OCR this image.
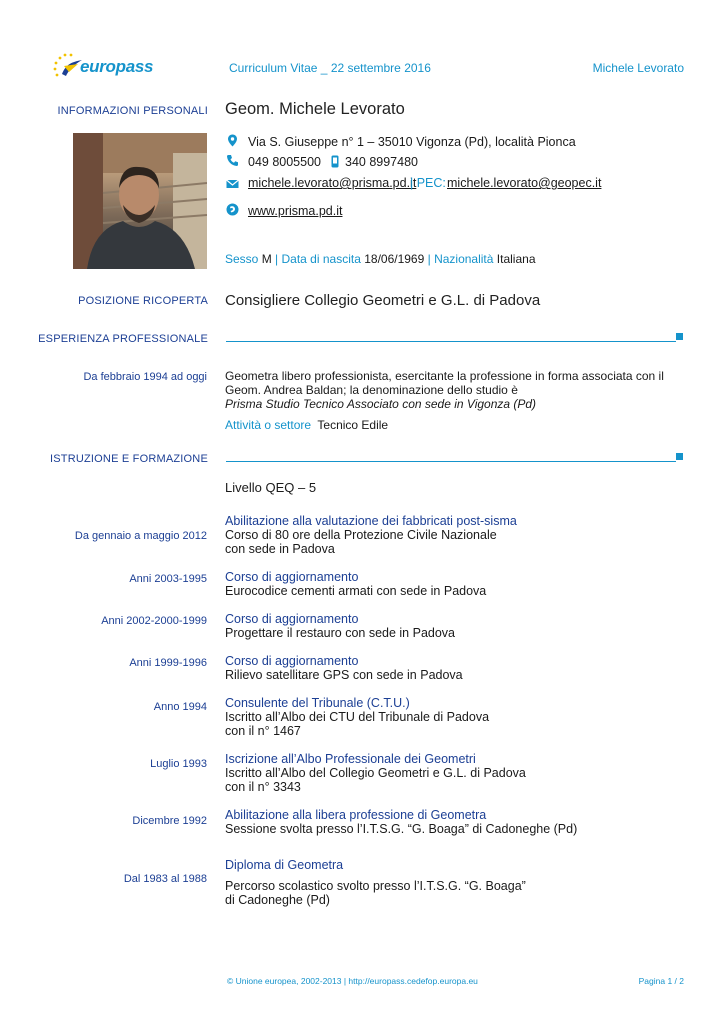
europass	Curriculum Vitae _ 22 settembre 2016	Michele Levorato
INFORMAZIONI PERSONALI Geom. Michele Levorato
Via S. Giuseppe n° 1 – 35010 Vigonza (Pd), località Pionca
049 8005500 340 8997480
michele.levorato@prisma.pd.it
| PEC: michele.levorato@geopec.it
www.prisma.pd.it
Sesso M | Data di nascita 18/06/1969 | Nazionalità Italiana
POSIZIONE RICOPERTA Consigliere Collegio Geometri e G.L. di Padova
ESPERIENZA PROFESSIONALE
Da febbraio 1994 ad oggi Geometra libero professionista, esercitante la professione in forma associata con il
Geom. Andrea Baldan; la denominazione dello studio è
Prisma Studio Tecnico Associato con sede in Vigonza (Pd)
Attività o settore Tecnico Edile
ISTRUZIONE E FORMAZIONE
Livello QEQ – 5
Da gennaio a maggio 2012
Abilitazione alla valutazione dei fabbricati post-sisma
Corso di 80 ore della Protezione Civile Nazionale
con sede in Padova
Anni 2003-1995 Corso di aggiornamento
Eurocodice cementi armati con sede in Padova
Anni 2002-2000-1999 Corso di aggiornamento
Progettare il restauro con sede in Padova
Anni 1999-1996 Corso di aggiornamento
Rilievo satellitare GPS con sede in Padova
Anno 1994 Consulente del Tribunale (C.T.U.)
Iscritto all’Albo dei CTU del Tribunale di Padova
con il n° 1467
Luglio 1993 Iscrizione all’Albo Professionale dei Geometri
Iscritto all’Albo del Collegio Geometri e G.L. di Padova
con il n° 3343
Dicembre 1992 Abilitazione alla libera professione di Geometra
Sessione svolta presso l’I.T.S.G. “G. Boaga” di Cadoneghe (Pd)
Dal 1983 al 1988
Diploma di Geometra
Percorso scolastico svolto presso l’I.T.S.G. “G. Boaga”
di Cadoneghe (Pd)
© Unione europea, 2002-2013 | http://europass.cedefop.europa.eu	Pagina 1 / 2
